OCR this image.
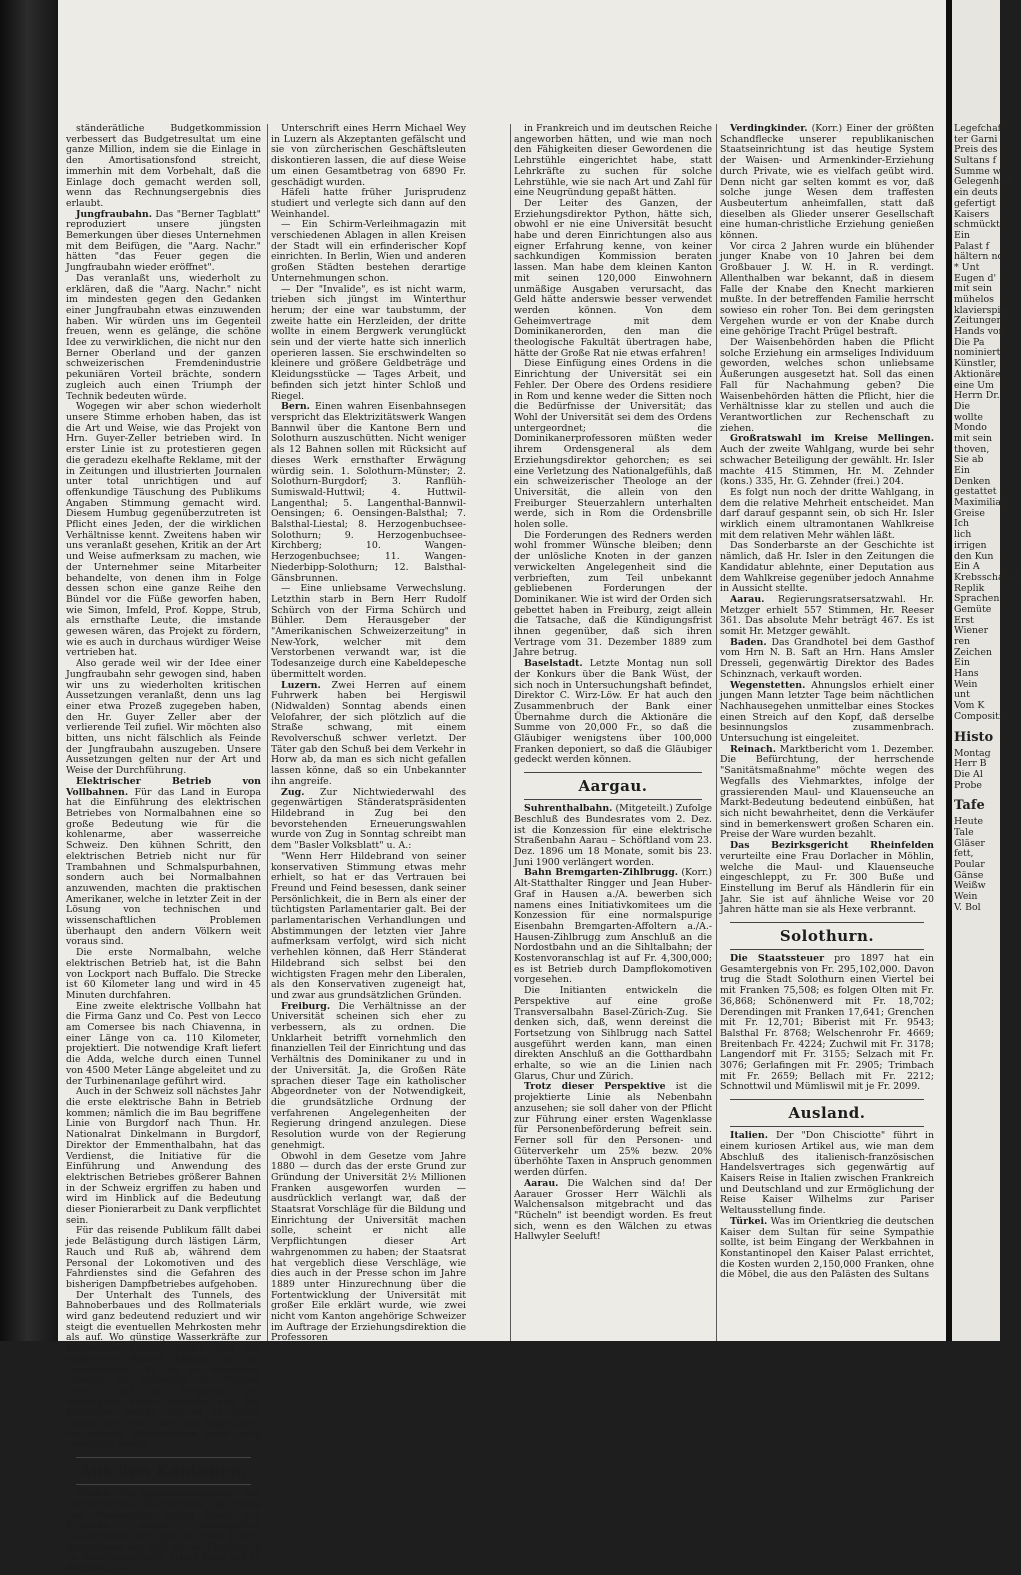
ständerätliche Budgetkommission verbessert das Budgetresultat um eine ganze Million, indem sie die Einlage in den Amortisationsfond streicht, immerhin mit dem Vorbehalt, daß die Einlage doch gemacht werden soll, wenn das Rechnungsergebnis dies erlaubt.

Jungfraubahn. Das "Berner Tagblatt" reproduziert unsere jüngsten Bemerkungen über dieses Unternehmen mit dem Beifügen, die "Aarg. Nachr." hätten "das Feuer gegen die Jungfraubahn wieder eröffnet".

Das veranlaßt uns, wiederholt zu erklären, daß die "Aarg. Nachr." nicht im mindesten gegen den Gedanken einer Jungfraubahn etwas einzuwenden haben. Wir würden uns im Gegenteil freuen, wenn es gelänge, die schöne Idee zu verwirklichen, die nicht nur den Berner Oberland und der ganzen schweizerischen Fremdenindustrie pekuniären Vorteil brächte, sondern zugleich auch einen Triumph der Technik bedeuten würde.

Wogegen wir aber schon wiederholt unsere Stimme erhoben haben, das ist die Art und Weise, wie das Projekt von Hrn. Guyer-Zeller betrieben wird. In erster Linie ist zu protestieren gegen die geradezu ekelhafte Reklame, mit der in Zeitungen und illustrierten Journalen unter total unrichtigen und auf offenkundige Täuschung des Publikums Angaben Stimmung gemacht wird. Diesem Humbug gegenüberzutreten ist Pflicht eines Jeden, der die wirklichen Verhältnisse kennt. Zweitens haben wir uns veranlaßt gesehen, Kritik an der Art und Weise aufmerksam zu machen, wie der Unternehmer seine Mitarbeiter behandelte, von denen ihm in Folge dessen schon eine ganze Reihe den Bündel vor die Füße geworfen haben, wie Simon, Imfeld, Prof. Koppe, Strub, als ernsthafte Leute, die imstande gewesen wären, das Projekt zu fördern, wie es auch in durchaus würdiger Weise vertrieben hat.

Also gerade weil wir der Idee einer Jungfraubahn sehr gewogen sind, haben wir uns zu wiederholten kritischen Aussetzungen veranlaßt, denn uns lag einer etwa Prozeß zugegeben haben, den Hr. Guyer Zeller aber der verlierende Teil zufiel. Wir möchten also bitten, uns nicht fälschlich als Feinde der Jungfraubahn auszugeben. Unsere Aussetzungen gelten nur der Art und Weise der Durchführung.

Elektrischer Betrieb von Vollbahnen. Für das Land in Europa hat die Einführung des elektrischen Betriebes von Normalbahnen eine so große Bedeutung wie für die kohlenarme, aber wasserreiche Schweiz. Den kühnen Schritt, den elektrischen Betrieb nicht nur für Trambahnen und Schmalspurbahnen, sondern auch bei Normalbahnen anzuwenden, machten die praktischen Amerikaner, welche in letzter Zeit in der Lösung von technischen und wissenschaftlichen Problemen überhaupt den andern Völkern weit voraus sind.

Die erste Normalbahn, welche elektrischen Betrieb hat, ist die Bahn von Lockport nach Buffalo. Die Strecke ist 60 Kilometer lang und wird in 45 Minuten durchfahren.

Eine zweite elektrische Vollbahn hat die Firma Ganz und Co. Pest von Lecco am Comersee bis nach Chiavenna, in einer Länge von ca. 110 Kilometer, projektiert. Die notwendige Kraft liefert die Adda, welche durch einen Tunnel von 4500 Meter Länge abgeleitet und zu der Turbinenanlage geführt wird.

Auch in der Schweiz soll nächstes Jahr die erste elektrische Bahn in Betrieb kommen; nämlich die im Bau begriffene Linie von Burgdorf nach Thun. Hr. Nationalrat Dinkelmann in Burgdorf, Direktor der Emmenthalbahn, hat das Verdienst, die Initiative für die Einführung und Anwendung des elektrischen Betriebes größerer Bahnen in der Schweiz ergriffen zu haben und wird im Hinblick auf die Bedeutung dieser Pionierarbeit zu Dank verpflichtet sein.

Für das reisende Publikum fällt dabei jede Belästigung durch lästigen Lärm, Rauch und Ruß ab, während dem Personal der Lokomotiven und des Fahrdienstes sind die Gefahren des bisherigen Dampfbetriebes aufgehoben.

Der Unterhalt des Tunnels, des Bahnoberbaues und des Rollmaterials wird ganz bedeutend reduziert und wir steigt die eventuellen Mehrkosten mehr als auf. Wo günstige Wasserkräfte zur Disposition stehen, dürfte sich der elektrische Betrieb billiger als der Dampfbetrieb. Es ist zu wünschen, schreibt ein Einsender des "Berner Tagbl.", daß die Tragweite und Wichtigkeit dieser Tatsache von den Kantonen, welche Bahnen zu bauen haben, und vom Bund, als Eigentümer der schweiz. Staatsbahnen, recht zeitig gewürdigt werde.

Aus den Kantonen.

Zürich. Die Appellationskammer des zürcherischen Obergerichts verurteilte den Weinhändler Alfred Häfeli von Klingnau wegen wiederholten qualifizierten Betruges zu zwei Jahren Arbeitshaus und fünf Jahren Einstellung im Aktivbürgerrecht. Häfeli hatte auf 14 Wechseln die

Unterschrift eines Herrn Michael Wey in Luzern als Akzeptanten gefälscht und sie von zürcherischen Geschäftsleuten diskontieren lassen, die auf diese Weise um einen Gesamtbetrag von 6890 Fr. geschädigt wurden.

Häfeli hatte früher Jurisprudenz studiert und verlegte sich dann auf den Weinhandel.

— Ein Schirm-Verleihmagazin mit verschiedenen Ablagen in allen Kreisen der Stadt will ein erfinderischer Kopf einrichten. In Berlin, Wien und anderen großen Städten bestehen derartige Unternehmungen schon.

— Der "Invalide", es ist nicht warm, trieben sich jüngst im Winterthur herum; der eine war taubstumm, der zweite hatte ein Herzleiden, der dritte wollte in einem Bergwerk verunglückt sein und der vierte hatte sich innerlich operieren lassen. Sie erschwindelten so kleinere und größere Geldbeträge und Kleidungsstücke — Tages Arbeit, und befinden sich jetzt hinter Schloß und Riegel.

Bern. Einen wahren Eisenbahnsegen verspricht das Elektrizitätswerk Wangen Bannwil über die Kantone Bern und Solothurn auszuschütten. Nicht weniger als 12 Bahnen sollen mit Rücksicht auf dieses Werk ernsthafter Erwägung würdig sein. 1. Solothurn-Münster; 2. Solothurn-Burgdorf; 3. Ranflüh-Sumiswald-Huttwil; 4. Huttwil-Langenthal; 5. Langenthal-Bannwil-Oensingen; 6. Oensingen-Balsthal; 7. Balsthal-Liestal; 8. Herzogenbuchsee-Solothurn; 9. Herzogenbuchsee-Kirchberg; 10. Wangen-Herzogenbuchsee; 11. Wangen-Niederbipp-Solothurn; 12. Balsthal-Gänsbrunnen.

— Eine unliebsame Verwechslung. Letzthin starb in Bern Herr Rudolf Schürch von der Firma Schürch und Bühler. Dem Herausgeber der "Amerikanischen Schweizerzeitung" in New-York, welcher mit dem Verstorbenen verwandt war, ist die Todesanzeige durch eine Kabeldepesche übermittelt worden.

Luzern. Zwei Herren auf einem Fuhrwerk haben bei Hergiswil (Nidwalden) Sonntag abends einen Velofahrer, der sich plötzlich auf die Straße schwang, mit einem Revolverschuß schwer verletzt. Der Täter gab den Schuß bei dem Verkehr in Horw ab, da man es sich nicht gefallen lassen könne, daß so ein Unbekannter ihn angreife.

Zug. Zur Nichtwiederwahl des gegenwärtigen Ständeratspräsidenten Hildebrand in Zug bei den bevorstehenden Erneuerungswahlen wurde von Zug in Sonntag schreibt man dem "Basler Volksblatt" u. A.:

"Wenn Herr Hildebrand von seiner konservativen Stimmung etwas mehr erhielt, so hat er das Vertrauen bei Freund und Feind besessen, dank seiner Persönlichkeit, die in Bern als einer der tüchtigsten Parlamentarier galt. Bei der parlamentarischen Verhandlungen und Abstimmungen der letzten vier Jahre aufmerksam verfolgt, wird sich nicht verhehlen können, daß Herr Ständerat Hildebrand sich selbst bei den wichtigsten Fragen mehr den Liberalen, als den Konservativen zugeneigt hat, und zwar aus grundsätzlichen Gründen.

Freiburg. Die Verhältnisse an der Universität scheinen sich eher zu verbessern, als zu ordnen. Die Unklarheit betrifft vornehmlich den finanziellen Teil der Einrichtung und das Verhältnis des Dominikaner zu und in der Universität. Ja, die Großen Räte sprachen dieser Tage ein katholischer Abgeordneter von der Notwendigkeit, die grundsätzliche Ordnung der verfahrenen Angelegenheiten der Regierung dringend anzulegen. Diese Resolution wurde von der Regierung genehmigt.

Obwohl in dem Gesetze vom Jahre 1880 — durch das der erste Grund zur Gründung der Universität 2½ Millionen Franken ausgeworfen wurden — ausdrücklich verlangt war, daß der Staatsrat Vorschläge für die Bildung und Einrichtung der Universität machen solle, scheint er nicht alle Verpflichtungen dieser Art wahrgenommen zu haben; der Staatsrat hat vergeblich diese Verschläge, wie dies auch in der Presse schon im Jahre 1889 unter Hinzurechnung über die Fortentwicklung der Universität mit großer Eile erklärt wurde, wie zwei nicht vom Kanton angehörige Schweizer im Auftrage der Erziehungsdirektion die Professoren

in Frankreich und im deutschen Reiche angeworben hätten, und wie man noch den Fähigkeiten dieser Gewordenen die Lehrstühle eingerichtet habe, statt Lehrkräfte zu suchen für solche Lehrstühle, wie sie nach Art und Zahl für eine Neugründung gepaßt hätten.

Der Leiter des Ganzen, der Erziehungsdirektor Python, hätte sich, obwohl er nie eine Universität besucht habe und deren Einrichtungen also aus eigner Erfahrung kenne, von keiner sachkundigen Kommission beraten lassen. Man habe dem kleinen Kanton mit seinen 120,000 Einwohnern unmäßige Ausgaben verursacht, das Geld hätte anderswie besser verwendet werden können. Von dem Geheimvertrage mit dem Dominikanerorden, den man die theologische Fakultät übertragen habe, hätte der Große Rat nie etwas erfahren!

Diese Einfügung eines Ordens in die Einrichtung der Universität sei ein Fehler. Der Obere des Ordens residiere in Rom und kenne weder die Sitten noch die Bedürfnisse der Universität; das Wohl der Universität sei dem des Ordens untergeordnet; die Dominikanerprofessoren müßten weder ihrem Ordensgeneral als dem Erziehungsdirektor gehorchen; es sei eine Verletzung des Nationalgefühls, daß ein schweizerischer Theologe an der Universität, die allein von den Freiburger Steuerzahlern unterhalten werde, sich in Rom die Ordensbrille holen solle.

Die Forderungen des Redners werden wohl frommer Wünsche bleiben; denn der unlösliche Knoten in der ganzen verwickelten Angelegenheit sind die verbrieften, zum Teil unbekannt gebliebenen Forderungen der Dominikaner. Wie ist wird der Orden sich gebettet haben in Freiburg, zeigt allein die Tatsache, daß die Kündigungsfrist ihnen gegenüber, daß sich ihren Vertrage vom 31. Dezember 1889 zum Jahre betrug.

Baselstadt. Letzte Montag nun soll der Konkurs über die Bank Wüst, der sich noch in Untersuchungshaft befindet, Direktor C. Wirz-Löw. Er hat auch den Zusammenbruch der Bank einer Übernahme durch die Aktionäre die Summe von 20,000 Fr., so daß die Gläubiger wenigstens über 100,000 Franken deponiert, so daß die Gläubiger gedeckt werden können.

Aargau.

Suhrenthalbahn. (Mitgeteilt.) Zufolge Beschluß des Bundesrates vom 2. Dez. ist die Konzession für eine elektrische Straßenbahn Aarau – Schöftland vom 23. Dez. 1896 um 18 Monate, somit bis 23. Juni 1900 verlängert worden.

Bahn Bremgarten-Zihlbrugg. (Korr.) Alt-Statthalter Ringger und Jean Huber-Graf in Hausen a./A. bewerben sich namens eines Initiativkomitees um die Konzession für eine normalspurige Eisenbahn Bremgarten-Affoltern a./A.-Hausen-Zihlbrugg zum Anschluß an die Nordostbahn und an die Sihltalbahn; der Kostenvoranschlag ist auf Fr. 4,300,000; es ist Betrieb durch Dampflokomotiven vorgesehen.

Die Initianten entwickeln die Perspektive auf eine große Transversalbahn Basel-Zürich-Zug. Sie denken sich, daß, wenn dereinst die Fortsetzung von Sihlbrugg nach Sattel ausgeführt werden kann, man einen direkten Anschluß an die Gotthardbahn erhalte, so wie an die Linien nach Glarus, Chur und Zürich.

Trotz dieser Perspektive ist die projektierte Linie als Nebenbahn anzusehen; sie soll daher von der Pflicht zur Führung einer ersten Wagenklasse für Personenbeförderung befreit sein. Ferner soll für den Personen- und Güterverkehr um 25% bezw. 20% überhöhte Taxen in Anspruch genommen werden dürfen.

Aarau. Die Walchen sind da! Der Aarauer Grosser Herr Wälchli als Walchensalson mitgebracht und das "Rücheln" ist beendigt worden. Es freut sich, wenn es den Wälchen zu etwas Hallwyler Seeluft!

Verdingkinder. (Korr.) Einer der größten Schandflecke unserer republikanischen Staatseinrichtung ist das heutige System der Waisen- und Armenkinder-Erziehung durch Private, wie es vielfach geübt wird. Denn nicht gar selten kommt es vor, daß solche junge Wesen dem traffesten Ausbeutertum anheimfallen, statt daß dieselben als Glieder unserer Gesellschaft eine human-christliche Erziehung genießen können.

Vor circa 2 Jahren wurde ein blühender junger Knabe von 10 Jahren bei dem Großbauer J. W. H. in R. verdingt. Allenthalben war bekannt, daß in diesem Falle der Knabe den Knecht markieren mußte. In der betreffenden Familie herrscht sowieso ein roher Ton. Bei dem geringsten Vergehen wurde er von der Knabe durch eine gehörige Tracht Prügel bestraft.

Der Waisenbehörden haben die Pflicht solche Erziehung ein armseliges Individuum geworden, welches schon unliebsame Äußerungen ausgesetzt hat. Soll das einen Fall für Nachahmung geben? Die Waisenbehörden hätten die Pflicht, hier die Verhältnisse klar zu stellen und auch die Verantwortlichen zur Rechenschaft zu ziehen.

Großratswahl im Kreise Mellingen. Auch der zweite Wahlgang, wurde bei sehr schwacher Beteiligung der gewählt. Hr. Isler machte 415 Stimmen, Hr. M. Zehnder (kons.) 335, Hr. G. Zehnder (frei.) 204.

Es folgt nun noch der dritte Wahlgang, in dem die relative Mehrheit entscheidet. Man darf darauf gespannt sein, ob sich Hr. Isler wirklich einem ultramontanen Wahlkreise mit dem relativen Mehr wählen läßt.

Das Sonderbarste an der Geschichte ist nämlich, daß Hr. Isler in den Zeitungen die Kandidatur ablehnte, einer Deputation aus dem Wahlkreise gegenüber jedoch Annahme in Aussicht stellte.

Aarau. Regierungsratsersatzwahl. Hr. Metzger erhielt 557 Stimmen, Hr. Reeser 361. Das absolute Mehr beträgt 467. Es ist somit Hr. Metzger gewählt.

Baden. Das Grandhotel bei dem Gasthof vom Hrn N. B. Saft an Hrn. Hans Amsler Dresseli, gegenwärtig Direktor des Bades Schinznach, verkauft worden.

Wegenstetten. Ahnungslos erhielt einer jungen Mann letzter Tage beim nächtlichen Nachhausegehen unmittelbar eines Stockes einen Streich auf den Kopf, daß derselbe besinnungslos zusammenbrach. Untersuchung ist eingeleitet.

Reinach. Marktbericht vom 1. Dezember. Die Befürchtung, der herrschende "Sanitätsmaßnahme" möchte wegen des Wegfalls des Viehmarktes, infolge der grassierenden Maul- und Klauenseuche an Markt-Bedeutung bedeutend einbüßen, hat sich nicht bewahrheitet, denn die Verkäufer sind in bemerkenswert großen Scharen ein. Preise der Ware wurden bezahlt.

Das Bezirksgericht Rheinfelden verurteilte eine Frau Dorlacher in Möhlin, welche die Maul- und Klauenseuche eingeschleppt, zu Fr. 300 Buße und Einstellung im Beruf als Händlerin für ein Jahr. Sie ist auf ähnliche Weise vor 20 Jahren hätte man sie als Hexe verbrannt.

Solothurn.

Die Staatssteuer pro 1897 hat ein Gesamtergebnis von Fr. 295,102,000. Davon trug die Stadt Solothurn einen Viertel bei mit Franken 75,508; es folgen Olten mit Fr. 36,868; Schönenwerd mit Fr. 18,702; Derendingen mit Franken 17,641; Grenchen mit Fr. 12,701; Biberist mit Fr. 9543; Balsthal Fr. 8768; Welschenrohr Fr. 4669; Breitenbach Fr. 4224; Zuchwil mit Fr. 3178; Langendorf mit Fr. 3155; Selzach mit Fr. 3076; Gerlafingen mit Fr. 2905; Trimbach mit Fr. 2659; Bellach mit Fr. 2212; Schnottwil und Mümliswil mit je Fr. 2099.

Ausland.

Italien. Der "Don Chisciotte" führt in einem kuriosen Artikel aus, wie man dem Abschluß des italienisch-französischen Handelsvertrages sich gegenwärtig auf Kaisers Reise in Italien zwischen Frankreich und Deutschland und zur Ermöglichung der Reise Kaiser Wilhelms zur Pariser Weltausstellung finde.

Türkei. Was im Orientkrieg die deutschen Kaiser dem Sultan für seine Sympathie sollte, ist beim Eingang der Werkbahnen in Konstantinopel den Kaiser Palast errichtet, die Kosten wurden 2,150,000 Franken, ohne die Möbel, die aus den Palästen des Sultans

Legefchaft
ter Garni
Preis des
Sultans f
Summe w
Gelegenheit
ein deuts
gefertigt
Kaisers
schmückt.
Ein
Palast f
hältern no
* Unt
Eugen d'
mit sein
mühelos
klavierspiel
Zeitungen
Hands vor
Die Pa
nominiert
Künstler,
Aktionäre
eine Um
Herrn Dr.
Die
wollte
Mondo
mit sein
thoven,
Sie ab
Ein
Denken
gestattet
Maximilian
Greise
Ich
lich
irrigen
den Kun
Ein A
Krebsschaden
Replik
Sprachen
Gemüte
Erst
Wiener
ren
Zeichen
Ein
Hans
Wein
unt
Vom K
Compositio
Histo
Montag
Herr B
Die Al
Probe
Tafe
Heute
Tale
Gläser
fett,
Poular
Gänse
Weißw
Wein
V. Bol
